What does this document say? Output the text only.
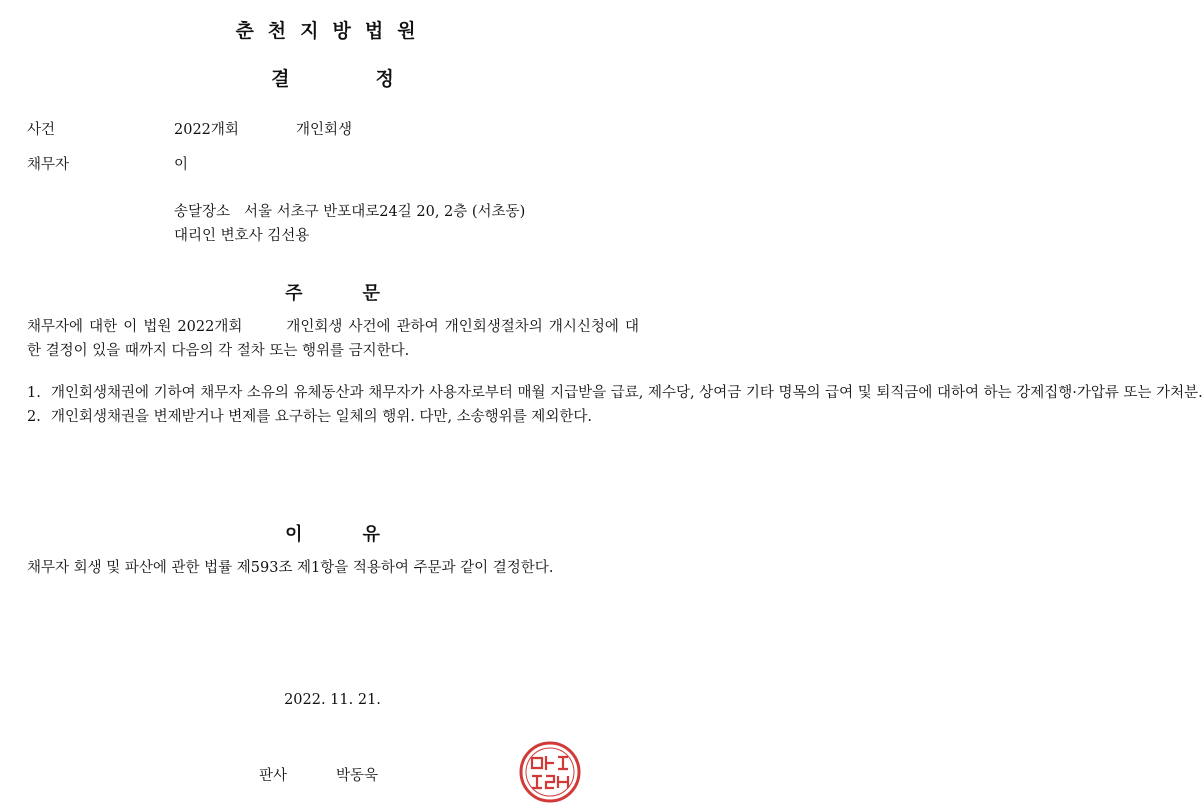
춘천지방법원
결정
사건	2022개회	개인회생
채무자	이
송달장소 서울 서초구 반포대로24길 20, 2층 (서초동)
대리인 변호사 김선용
주문
채무자에 대한 이 법원 2022개회	개인회생 사건에 관하여 개인회생절차의 개시신청에 대한 결정이 있을 때까지 다음의 각 절차 또는 행위를 금지한다.
1. 개인회생채권에 기하여 채무자 소유의 유체동산과 채무자가 사용자로부터 매월 지급받을 급료, 제수당, 상여금 기타 명목의 급여 및 퇴직금에 대하여 하는 강제집행·가압류 또는 가처분.
2. 개인회생채권을 변제받거나 변제를 요구하는 일체의 행위. 다만, 소송행위를 제외한다.
이유
채무자 회생 및 파산에 관한 법률 제593조 제1항을 적용하여 주문과 같이 결정한다.
2022. 11. 21.
판사	박동욱
